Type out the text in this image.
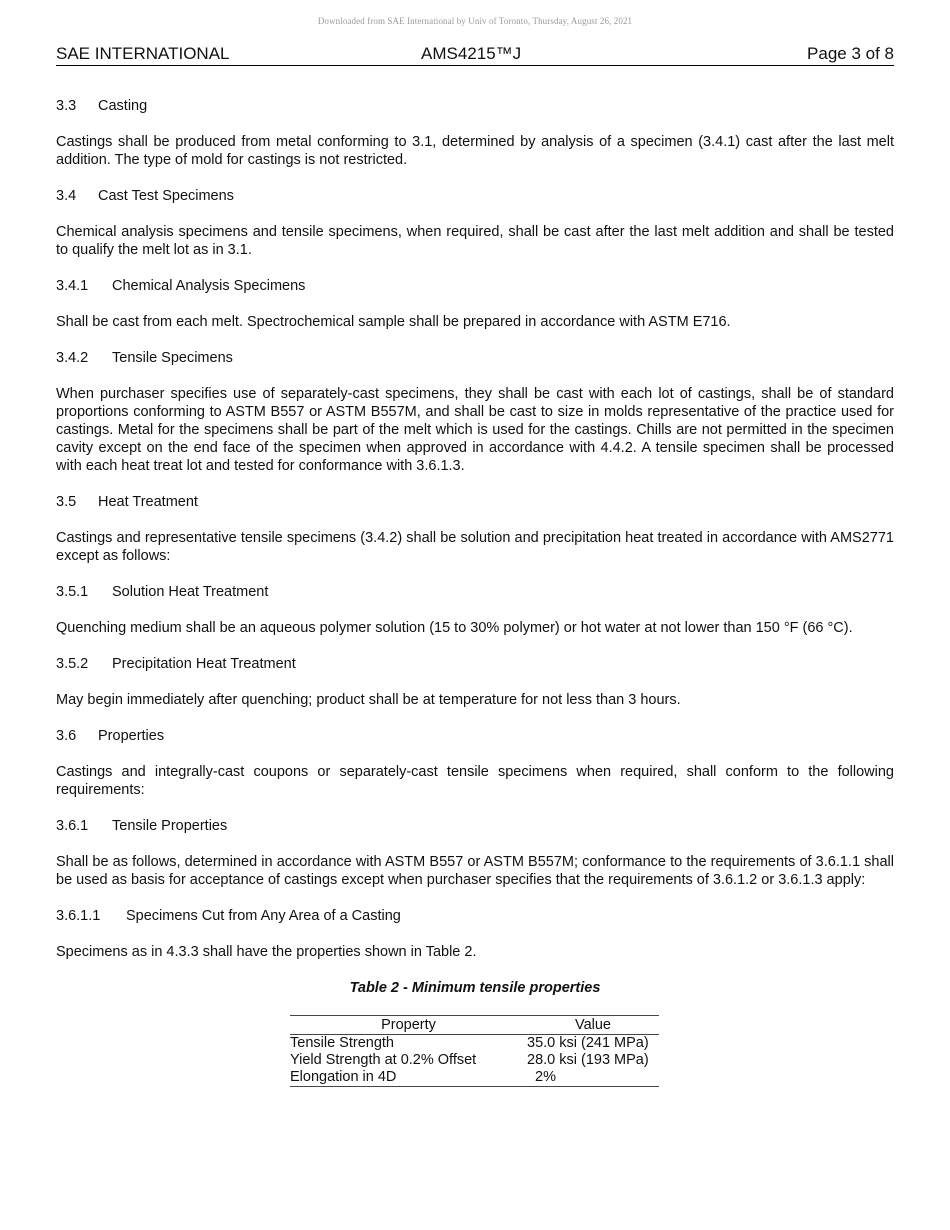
Downloaded from SAE International by Univ of Toronto, Thursday, August 26, 2021
SAE INTERNATIONAL	AMS4215™J	Page 3 of 8
3.3 Casting

Castings shall be produced from metal conforming to 3.1, determined by analysis of a specimen (3.4.1) cast after the last melt addition. The type of mold for castings is not restricted.

3.4 Cast Test Specimens

Chemical analysis specimens and tensile specimens, when required, shall be cast after the last melt addition and shall be tested to qualify the melt lot as in 3.1.

3.4.1 Chemical Analysis Specimens

Shall be cast from each melt. Spectrochemical sample shall be prepared in accordance with ASTM E716.

3.4.2 Tensile Specimens

When purchaser specifies use of separately-cast specimens, they shall be cast with each lot of castings, shall be of standard proportions conforming to ASTM B557 or ASTM B557M, and shall be cast to size in molds representative of the practice used for castings. Metal for the specimens shall be part of the melt which is used for the castings. Chills are not permitted in the specimen cavity except on the end face of the specimen when approved in accordance with 4.4.2. A tensile specimen shall be processed with each heat treat lot and tested for conformance with 3.6.1.3.

3.5 Heat Treatment

Castings and representative tensile specimens (3.4.2) shall be solution and precipitation heat treated in accordance with AMS2771 except as follows:

3.5.1 Solution Heat Treatment

Quenching medium shall be an aqueous polymer solution (15 to 30% polymer) or hot water at not lower than 150 °F (66 °C).

3.5.2 Precipitation Heat Treatment

May begin immediately after quenching; product shall be at temperature for not less than 3 hours.

3.6 Properties

Castings and integrally-cast coupons or separately-cast tensile specimens when required, shall conform to the following requirements:

3.6.1 Tensile Properties

Shall be as follows, determined in accordance with ASTM B557 or ASTM B557M; conformance to the requirements of 3.6.1.1 shall be used as basis for acceptance of castings except when purchaser specifies that the requirements of 3.6.1.2 or 3.6.1.3 apply:

3.6.1.1 Specimens Cut from Any Area of a Casting

Specimens as in 4.3.3 shall have the properties shown in Table 2.

Table 2 - Minimum tensile properties
Property	Value
Tensile Strength	35.0 ksi (241 MPa)
Yield Strength at 0.2% Offset	28.0 ksi (193 MPa)
Elongation in 4D	2%
